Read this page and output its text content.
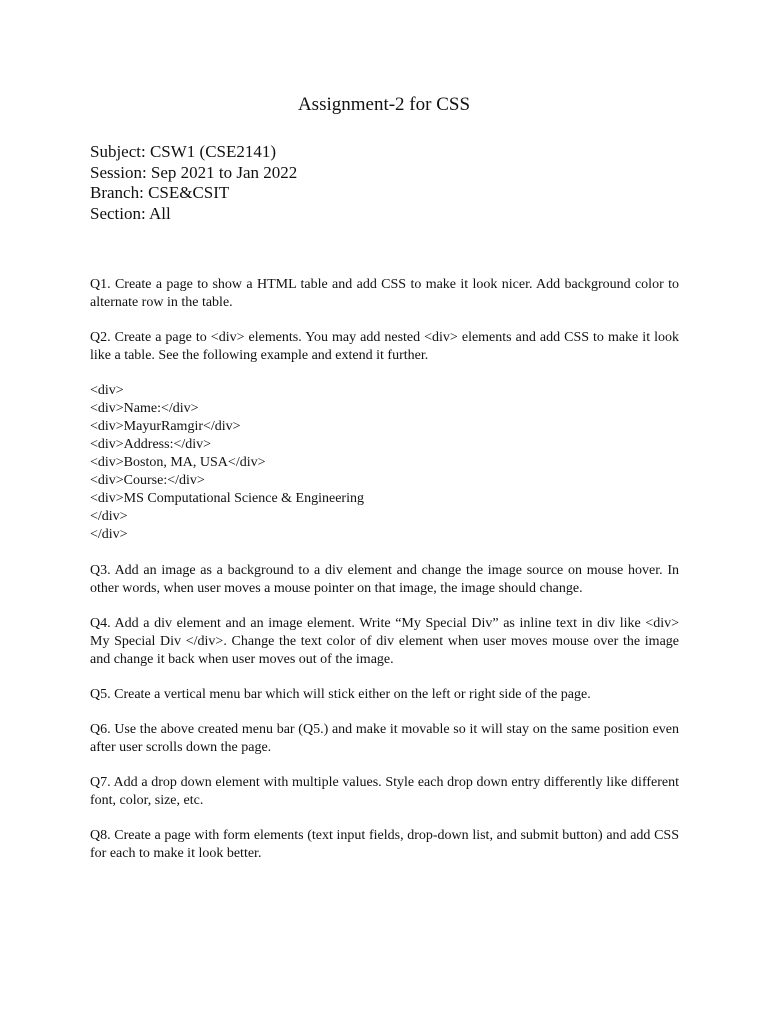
Assignment-2 for CSS
Subject: CSW1 (CSE2141)
Session: Sep 2021 to Jan 2022
Branch: CSE&CSIT
Section: All

Q1. Create a page to show a HTML table and add CSS to make it look nicer. Add background color to alternate row in the table.

Q2. Create a page to <div> elements. You may add nested <div> elements and add CSS to make it look like a table. See the following example and extend it further.

<div>
<div>Name:</div>
<div>MayurRamgir</div>
<div>Address:</div>
<div>Boston, MA, USA</div>
<div>Course:</div>
<div>MS Computational Science & Engineering
</div>
</div>

Q3. Add an image as a background to a div element and change the image source on mouse hover. In other words, when user moves a mouse pointer on that image, the image should change.

Q4. Add a div element and an image element. Write “My Special Div” as inline text in div like <div> My Special Div </div>. Change the text color of div element when user moves mouse over the image and change it back when user moves out of the image.

Q5. Create a vertical menu bar which will stick either on the left or right side of the page.

Q6. Use the above created menu bar (Q5.) and make it movable so it will stay on the same position even after user scrolls down the page.

Q7. Add a drop down element with multiple values. Style each drop down entry differently like different font, color, size, etc.

Q8. Create a page with form elements (text input fields, drop-down list, and submit button) and add CSS for each to make it look better.
